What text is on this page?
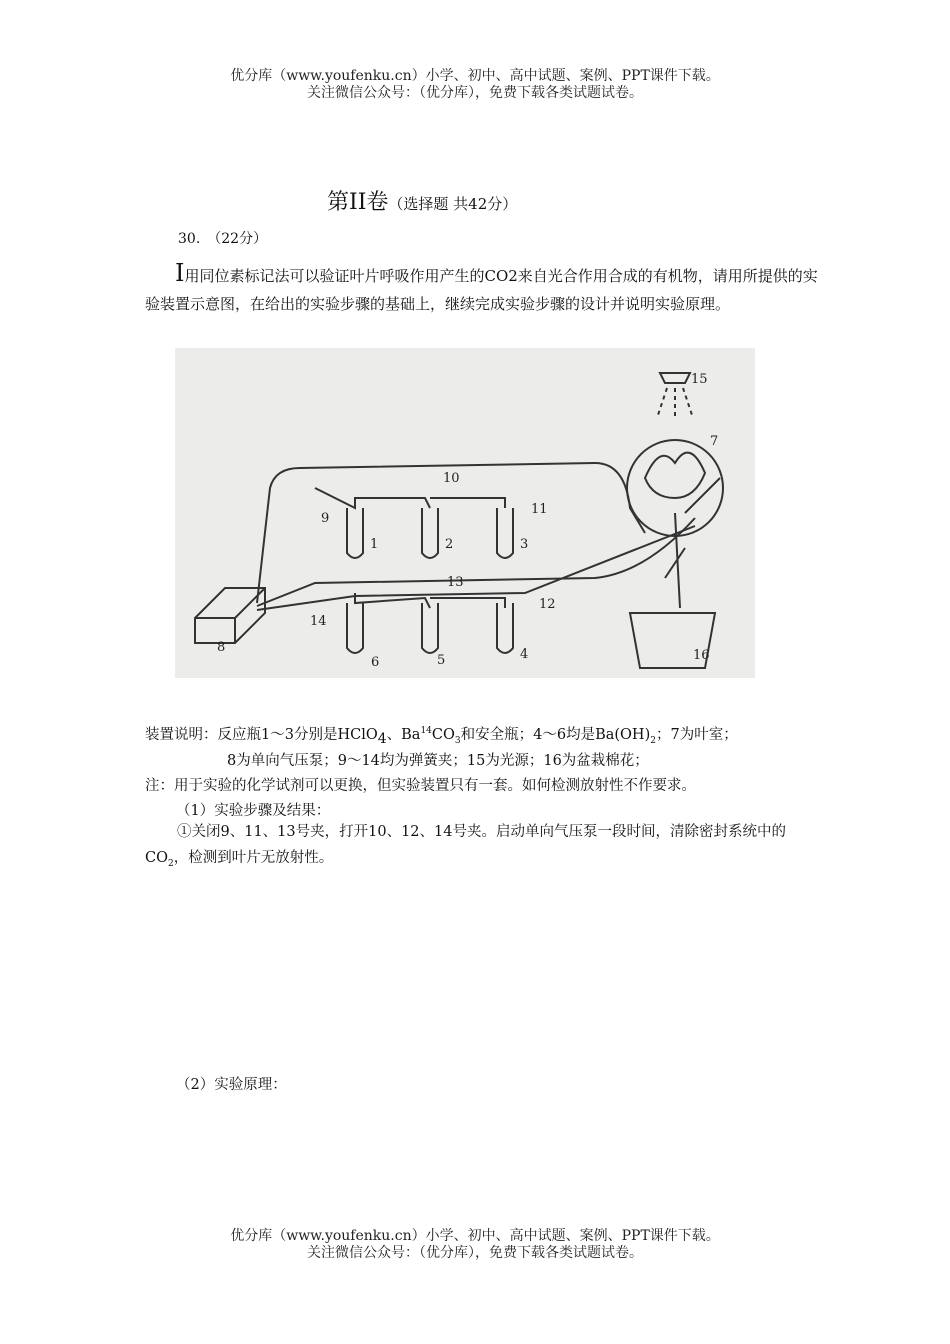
优分库（www.youfenku.cn）小学、初中、高中试题、案例、PPT课件下载。
关注微信公众号：（优分库），免费下载各类试题试卷。
第II卷（选择题 共42分）
30.　（22分）
I用同位素标记法可以验证叶片呼吸作用产生的CO2来自光合作用合成的有机物，请用所提供的实验装置示意图，在给出的实验步骤的基础上，继续完成实验步骤的设计并说明实验原理。
1	2	3
4
5
6
7
8
9
10
11
12
13
14
15
16
装置说明：反应瓶1～3分别是HClO$_4$、$Ba^{14}CO_3$和安全瓶；4～6均是$Ba(OH)_2$；7为叶室；
8为单向气压泵；9～14均为弹簧夹；15为光源；16为盆栽棉花；
注：用于实验的化学试剂可以更换，但实验装置只有一套。如何检测放射性不作要求。
（1）实验步骤及结果：
①关闭9、11、13号夹，打开10、12、14号夹。启动单向气压泵一段时间，清除密封系统中的$CO_2$，检测到叶片无放射性。
（2）实验原理：
优分库（www.youfenku.cn）小学、初中、高中试题、案例、PPT课件下载。
关注微信公众号：（优分库），免费下载各类试题试卷。
